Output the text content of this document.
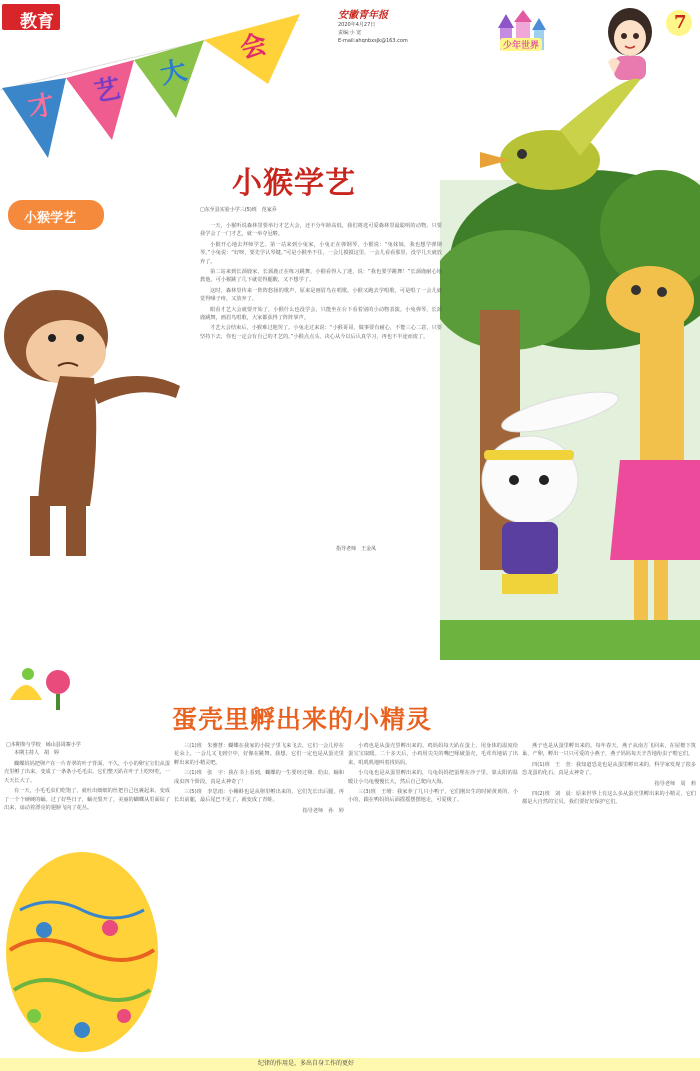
教育	安徽青年报
2020年4月27日
责编:小 宽
E-mail:ahqnbxsjk@163.com	少年世界
7
才 艺
大
会
小猴学艺
小猴学艺
□东至县实验小学三(5)班　范家乔

一天，小猴听说森林里要举行才艺大会，还不分年龄高低，我们将选可爱森林里最聪明的动物。只要我学会了一门才艺，就一举夺冠啦。

小猴开心地去拜师学艺。第一站来到小兔家，小兔正在弹钢琴，小猴说：“兔妹妹，我也想学弹钢琴。”小兔说：“好呀，要先学认琴键。”可是小猴坐不住，一会儿摸摸这里，一会儿看看那里，没学几天就放弃了。

第二站来到长颈鹿家，长颈鹿正在练习跳舞，小猴看得入了迷，说：“我也要学跳舞！”长颈鹿耐心地教他，可小猴跳了几下就觉得腿酸，又不想学了。

这时，森林里传来一阵阵悠扬的歌声，原来是画眉鸟在唱歌。小猴又跑去学唱歌，可是唱了一会儿就觉得嗓子疼，又放弃了。

眼看才艺大会就要开始了，小猴什么也没学会，只能坐在台下看着别的小动物表演。小兔弹琴，长颈鹿跳舞，画眉鸟唱歌，大家都获得了阵阵掌声。

才艺大会结束后，小猴难过地哭了。小兔走过来说：“小猴哥哥，做事要有耐心，不能三心二意，只要坚持下去，你也一定会有自己的才艺的。”小猴点点头，决心从今以后认真学习，再也不半途而废了。

指导老师　王金凤
蛋壳里孵出来的小精灵
□本期参与学校　砀山县周寨小学
本期主持人　胡　婷

蝴蝶妈妈把卵产在一片青翠的叶子背面，不久，小小的卵宝宝们从蛋壳里孵了出来，变成了一条条小毛毛虫。它们整天趴在叶子上吃呀吃，一天天长大了。

有一天，小毛毛虫们吃饱了，就吐出细细的丝把自己包裹起来，变成了一个个硬硬的蛹。过了好些日子，蛹壳裂开了，美丽的蝴蝶从里面钻了出来，扇动着漂亮的翅膀飞向了花丛。

三(1)班　朱雅慧：蝴蝶在我家的小院子里飞来飞去，它们一会儿停在花朵上，一会儿又飞到空中，好像在跳舞。我想，它们一定也是从蛋壳里孵出来的小精灵吧。

三(1)班　张　宇：我在书上看到，蝴蝶的一生要经过卵、幼虫、蛹和成虫四个阶段，真是太神奇了！

三(5)班　李思雨：小蝌蚪也是从卵里孵出来的，它们先长出后腿，再长出前腿，最后尾巴不见了，就变成了青蛙。

指导老师　孙　婷

小鸡也是从蛋壳里孵出来的。鸡妈妈每天趴在蛋上，用身体的温度给蛋宝宝取暖。二十多天后，小鸡用尖尖的嘴巴啄破蛋壳，毛茸茸地钻了出来，叽叽叽地叫着找妈妈。

小乌龟也是从蛋里孵出来的，乌龟妈妈把蛋埋在沙子里，靠太阳的温暖让小乌龟慢慢长大，然后自己爬向大海。

三(3)班　王晴：我家养了几只小鸭子，它们刚出生的时候黄黄的、小小的，跟在鸭妈妈后面摇摇摆摆地走，可爱极了。

燕子也是从蛋里孵出来的。每年春天，燕子从南方飞回来，在屋檐下筑巢、产卵，孵出一只只可爱的小燕子，燕子妈妈每天辛苦地衔虫子喂它们。

四(1)班　王　萱：我知道恐龙也是从蛋里孵出来的，科学家发现了很多恐龙蛋的化石，真是太神奇了。

指导老师　周　莉

四(2)班　刘　晨：原来世界上有这么多从蛋壳里孵出来的小精灵，它们都是大自然的宝贝，我们要好好保护它们。

纪律的作用是，多出自身工作的更好
